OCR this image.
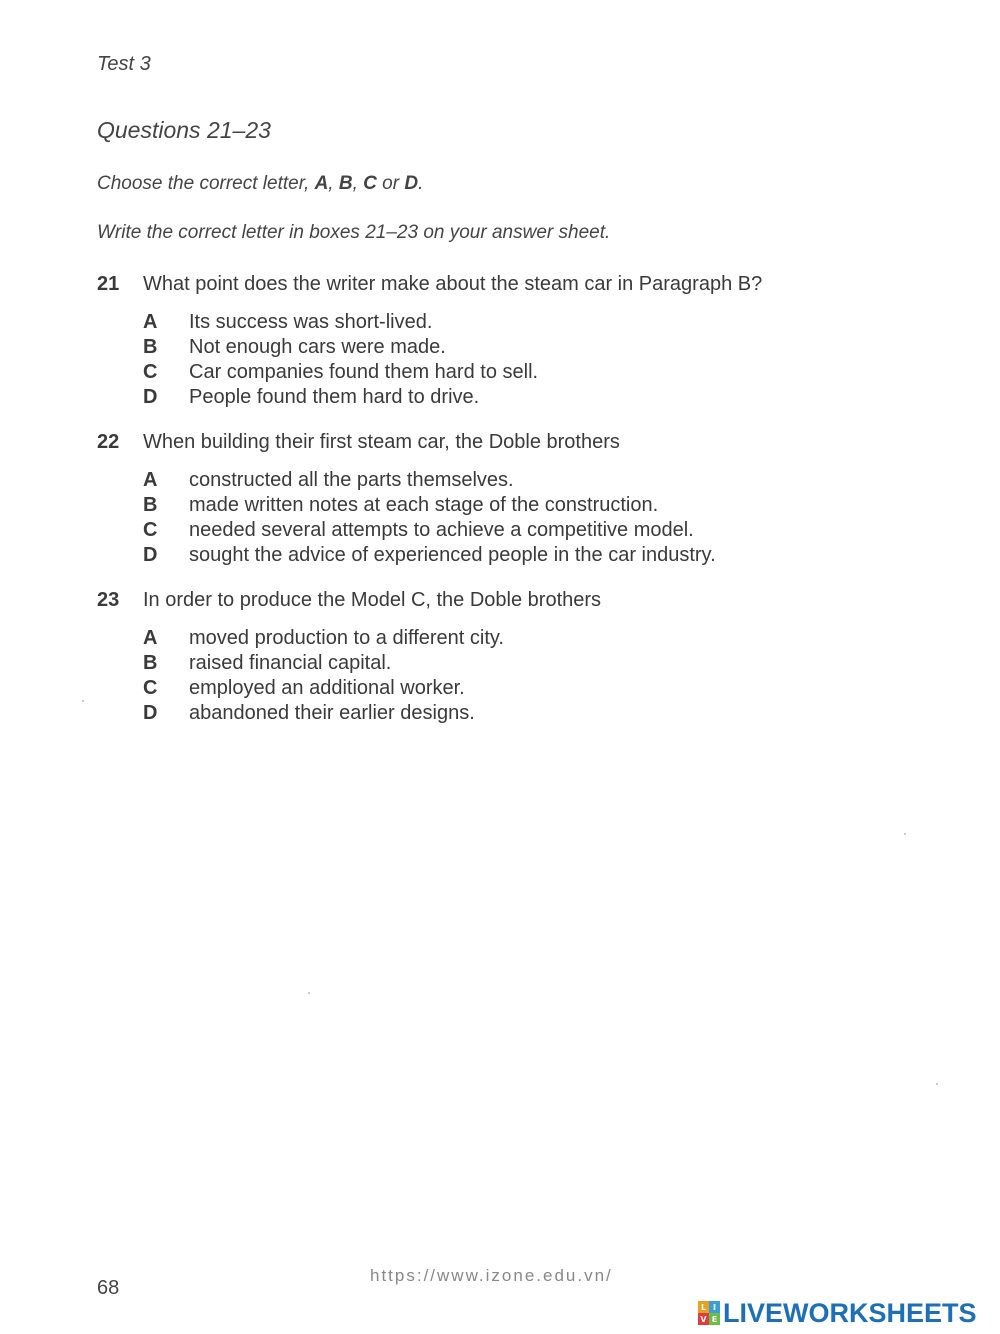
Test 3
Questions 21–23
Choose the correct letter, A, B, C or D.
Write the correct letter in boxes 21–23 on your answer sheet.
21 What point does the writer make about the steam car in Paragraph B?
A Its success was short-lived.
B Not enough cars were made.
C Car companies found them hard to sell.
D People found them hard to drive.
22 When building their first steam car, the Doble brothers
A constructed all the parts themselves.
B made written notes at each stage of the construction.
C needed several attempts to achieve a competitive model.
D sought the advice of experienced people in the car industry.
23 In order to produce the Model C, the Doble brothers
A moved production to a different city.
B raised financial capital.
C employed an additional worker.
D abandoned their earlier designs.
68
https://www.izone.edu.vn/
L I
V E LIVEWORKSHEETS
